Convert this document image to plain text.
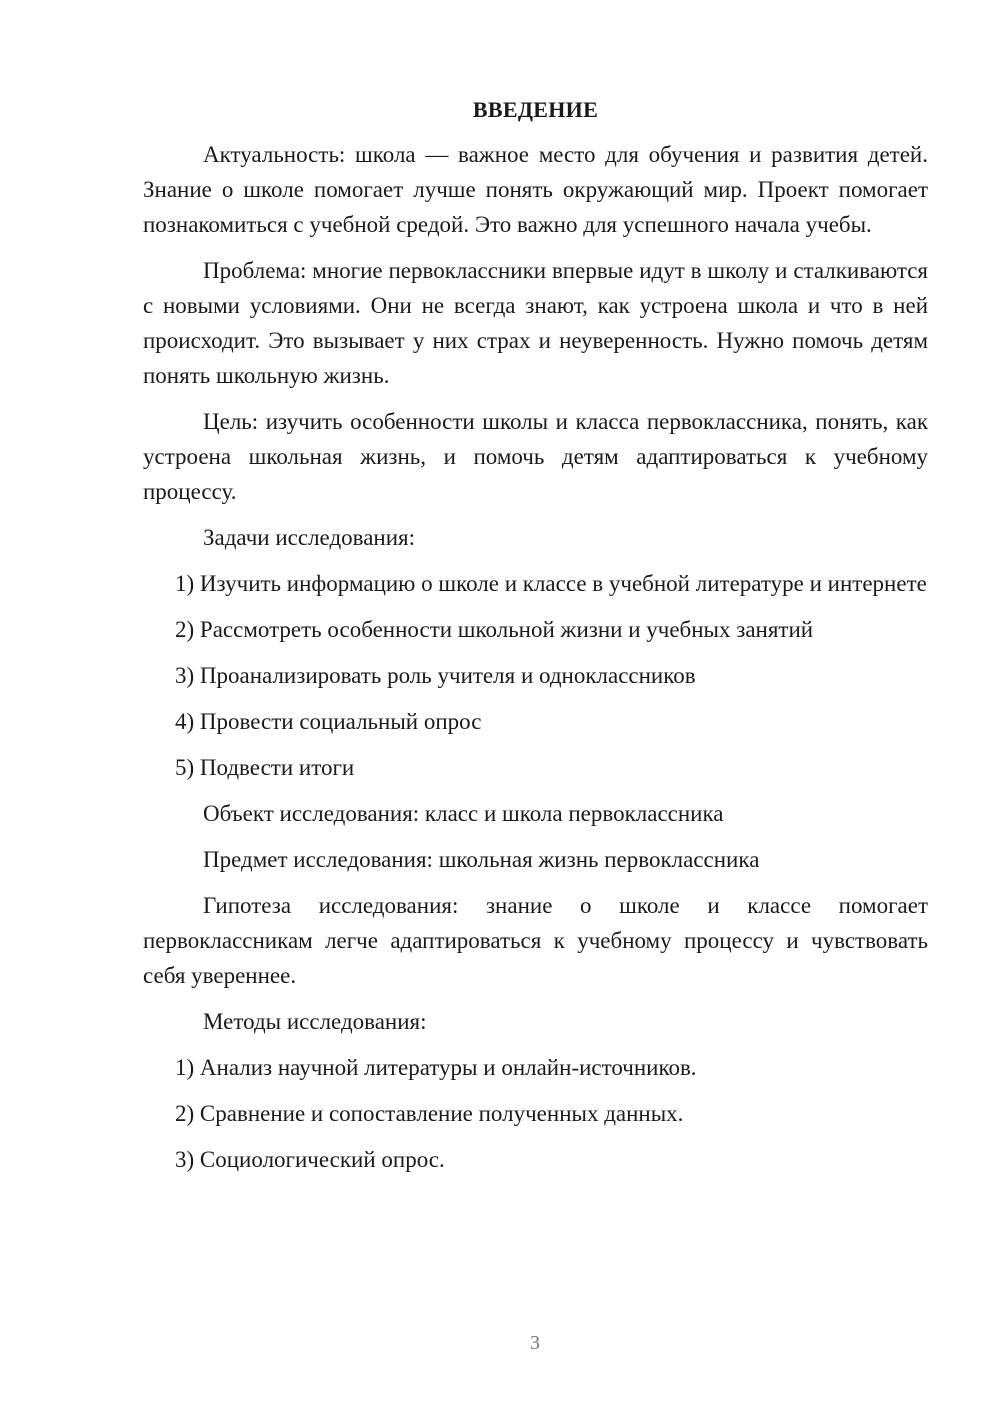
ВВЕДЕНИЕ

Актуальность: школа — важное место для обучения и развития детей. Знание о школе помогает лучше понять окружающий мир. Проект помогает познакомиться с учебной средой. Это важно для успешного начала учебы.

Проблема: многие первоклассники впервые идут в школу и сталкиваются с новыми условиями. Они не всегда знают, как устроена школа и что в ней происходит. Это вызывает у них страх и неуверенность. Нужно помочь детям понять школьную жизнь.

Цель: изучить особенности школы и класса первоклассника, понять, как устроена школьная жизнь, и помочь детям адаптироваться к учебному процессу.

Задачи исследования:

1) Изучить информацию о школе и классе в учебной литературе и интернете

2) Рассмотреть особенности школьной жизни и учебных занятий

3) Проанализировать роль учителя и одноклассников

4) Провести социальный опрос

5) Подвести итоги

Объект исследования: класс и школа первоклассника

Предмет исследования: школьная жизнь первоклассника

Гипотеза исследования: знание о школе и классе помогает первоклассникам легче адаптироваться к учебному процессу и чувствовать себя увереннее.

Методы исследования:

1) Анализ научной литературы и онлайн-источников.

2) Сравнение и сопоставление полученных данных.

3) Социологический опрос.

3
